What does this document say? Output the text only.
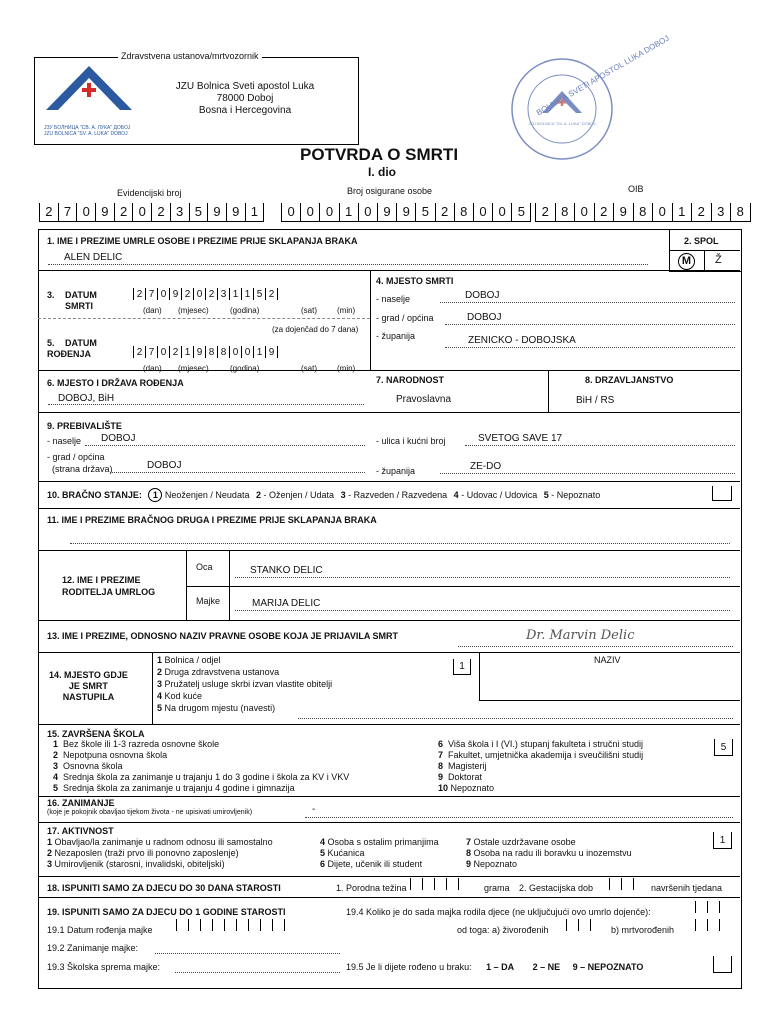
Zdravstvena ustanova/mrtvozornik
ЈЗУ БОЛНИЦА "СВ. А. ЛУКА" ДОБОЈ
JZU BOLNICA "SV. A. LUKA" DOBOJ
JZU Bolnica Sveti apostol Luka
78000 Doboj
Bosna i Hercegovina
JZU BOLNICA "SV. A. LUKA" DOBOJ
BOLNICA SVETI APOSTOL LUKA DOBOJ
POTVRDA O SMRTI
I. dio
Evidencijski broj	Broj osigurane osobe	OIB
2 7 0 9 2 0 2 3 5 9 9 1	0 0 0 1 0 9 9 5 2 8 0 0 5	2 8 0 2 9 8 0 1 2 3 8
1. IME I PREZIME UMRLE OSOBE I PREZIME PRIJE SKLAPANJA BRAKA
ALEN DELIC
2. SPOL
M	Ž
3. DATUM
SMRTI
2 7 0 9 2 0 2 3 1 1 5 2
(dan) (mjesec)	(godina)	(sat)	(min)
(za dojenčad do 7 dana)
5. DATUM
ROĐENJA	2 7 0 2 1 9 8 8 0 0 1 9
(dan) (mjesec)	(godina)	(sat)	(min)
4. MJESTO SMRTI
- naselje	DOBOJ
- grad / općina	DOBOJ
- županija	ZENICKO - DOBOJSKA
6. MJESTO I DRŽAVA ROĐENJA
DOBOJ, BiH
7. NARODNOST
Pravoslavna
8. DRZAVLJANSTVO
BiH / RS
9. PREBIVALIŠTE
- naselje DOBOJ
- grad / općina
(strana država)	DOBOJ
- ulica i kućni broj	SVETOG SAVE 17
- županija	ZE-DO
10. BRAČNO STANJE: 1 Neoženjen / Neudata 2 - Oženjen / Udata 3 - Razveden / Razvedena 4 - Udovac / Udovica 5 - Nepoznato
11. IME I PREZIME BRAČNOG DRUGA I PREZIME PRIJE SKLAPANJA BRAKA
12. IME I PREZIME
RODITELJA UMRLOG
Oca	STANKO DELIC
Majke	MARIJA DELIC
13. IME I PREZIME, ODNOSNO NAZIV PRAVNE OSOBE KOJA JE PRIJAVILA SMRT	Dr. Marvin Delic
14. MJESTO GDJE
JE SMRT
NASTUPILA
1 Bolnica / odjel
2 Druga zdravstvena ustanova
3 Pružatelj usluge skrbi izvan vlastite obitelji
4 Kod kuće
5 Na drugom mjestu (navesti)
1
NAZIV
15. ZAVRŠENA ŠKOLA
1 Bez škole ili 1-3 razreda osnovne škole
2 Nepotpuna osnovna škola
3 Osnovna škola
4 Srednja škola za zanimanje u trajanju 1 do 3 godine i škola za KV i VKV
5 Srednja škola za zanimanje u trajanju 4 godine i gimnazija
6 Viša škola i I (VI.) stupanj fakulteta i stručni studij
7 Fakultet, umjetnička akademija i sveučilišni studij
8 Magisterij
9 Doktorat
10 Nepoznato
5
16. ZANIMANJE
(koje je pokojnik obavljao tijekom života - ne upisivati umirovljenik)	-
17. AKTIVNOST
1 Obavljao/la zanimanje u radnom odnosu ili samostalno
2 Nezaposlen (traži prvo ili ponovno zaposlenje)
3 Umirovljenik (starosni, invalidski, obiteljski)
4 Osoba s ostalim primanjima
5 Kućanica
6 Dijete, učenik ili student
7 Ostale uzdržavane osobe
8 Osoba na radu ili boravku u inozemstvu
9 Nepoznato
1
18. ISPUNITI SAMO ZA DJECU DO 30 DANA STAROSTI	1. Porodna težina	grama 2. Gestacijska dob	navršenih tjedana
19. ISPUNITI SAMO ZA DJECU DO 1 GODINE STAROSTI
19.1 Datum rođenja majke
19.2 Zanimanje majke:
19.3 Školska sprema majke:
19.4 Koliko je do sada majka rodila djece (ne uključujući ovo umrlo dojenče):
od toga: a) živorođenih	b) mrtvorođenih
19.5 Je li dijete rođeno u braku: 1 – DA 2 – NE 9 – NEPOZNATO
